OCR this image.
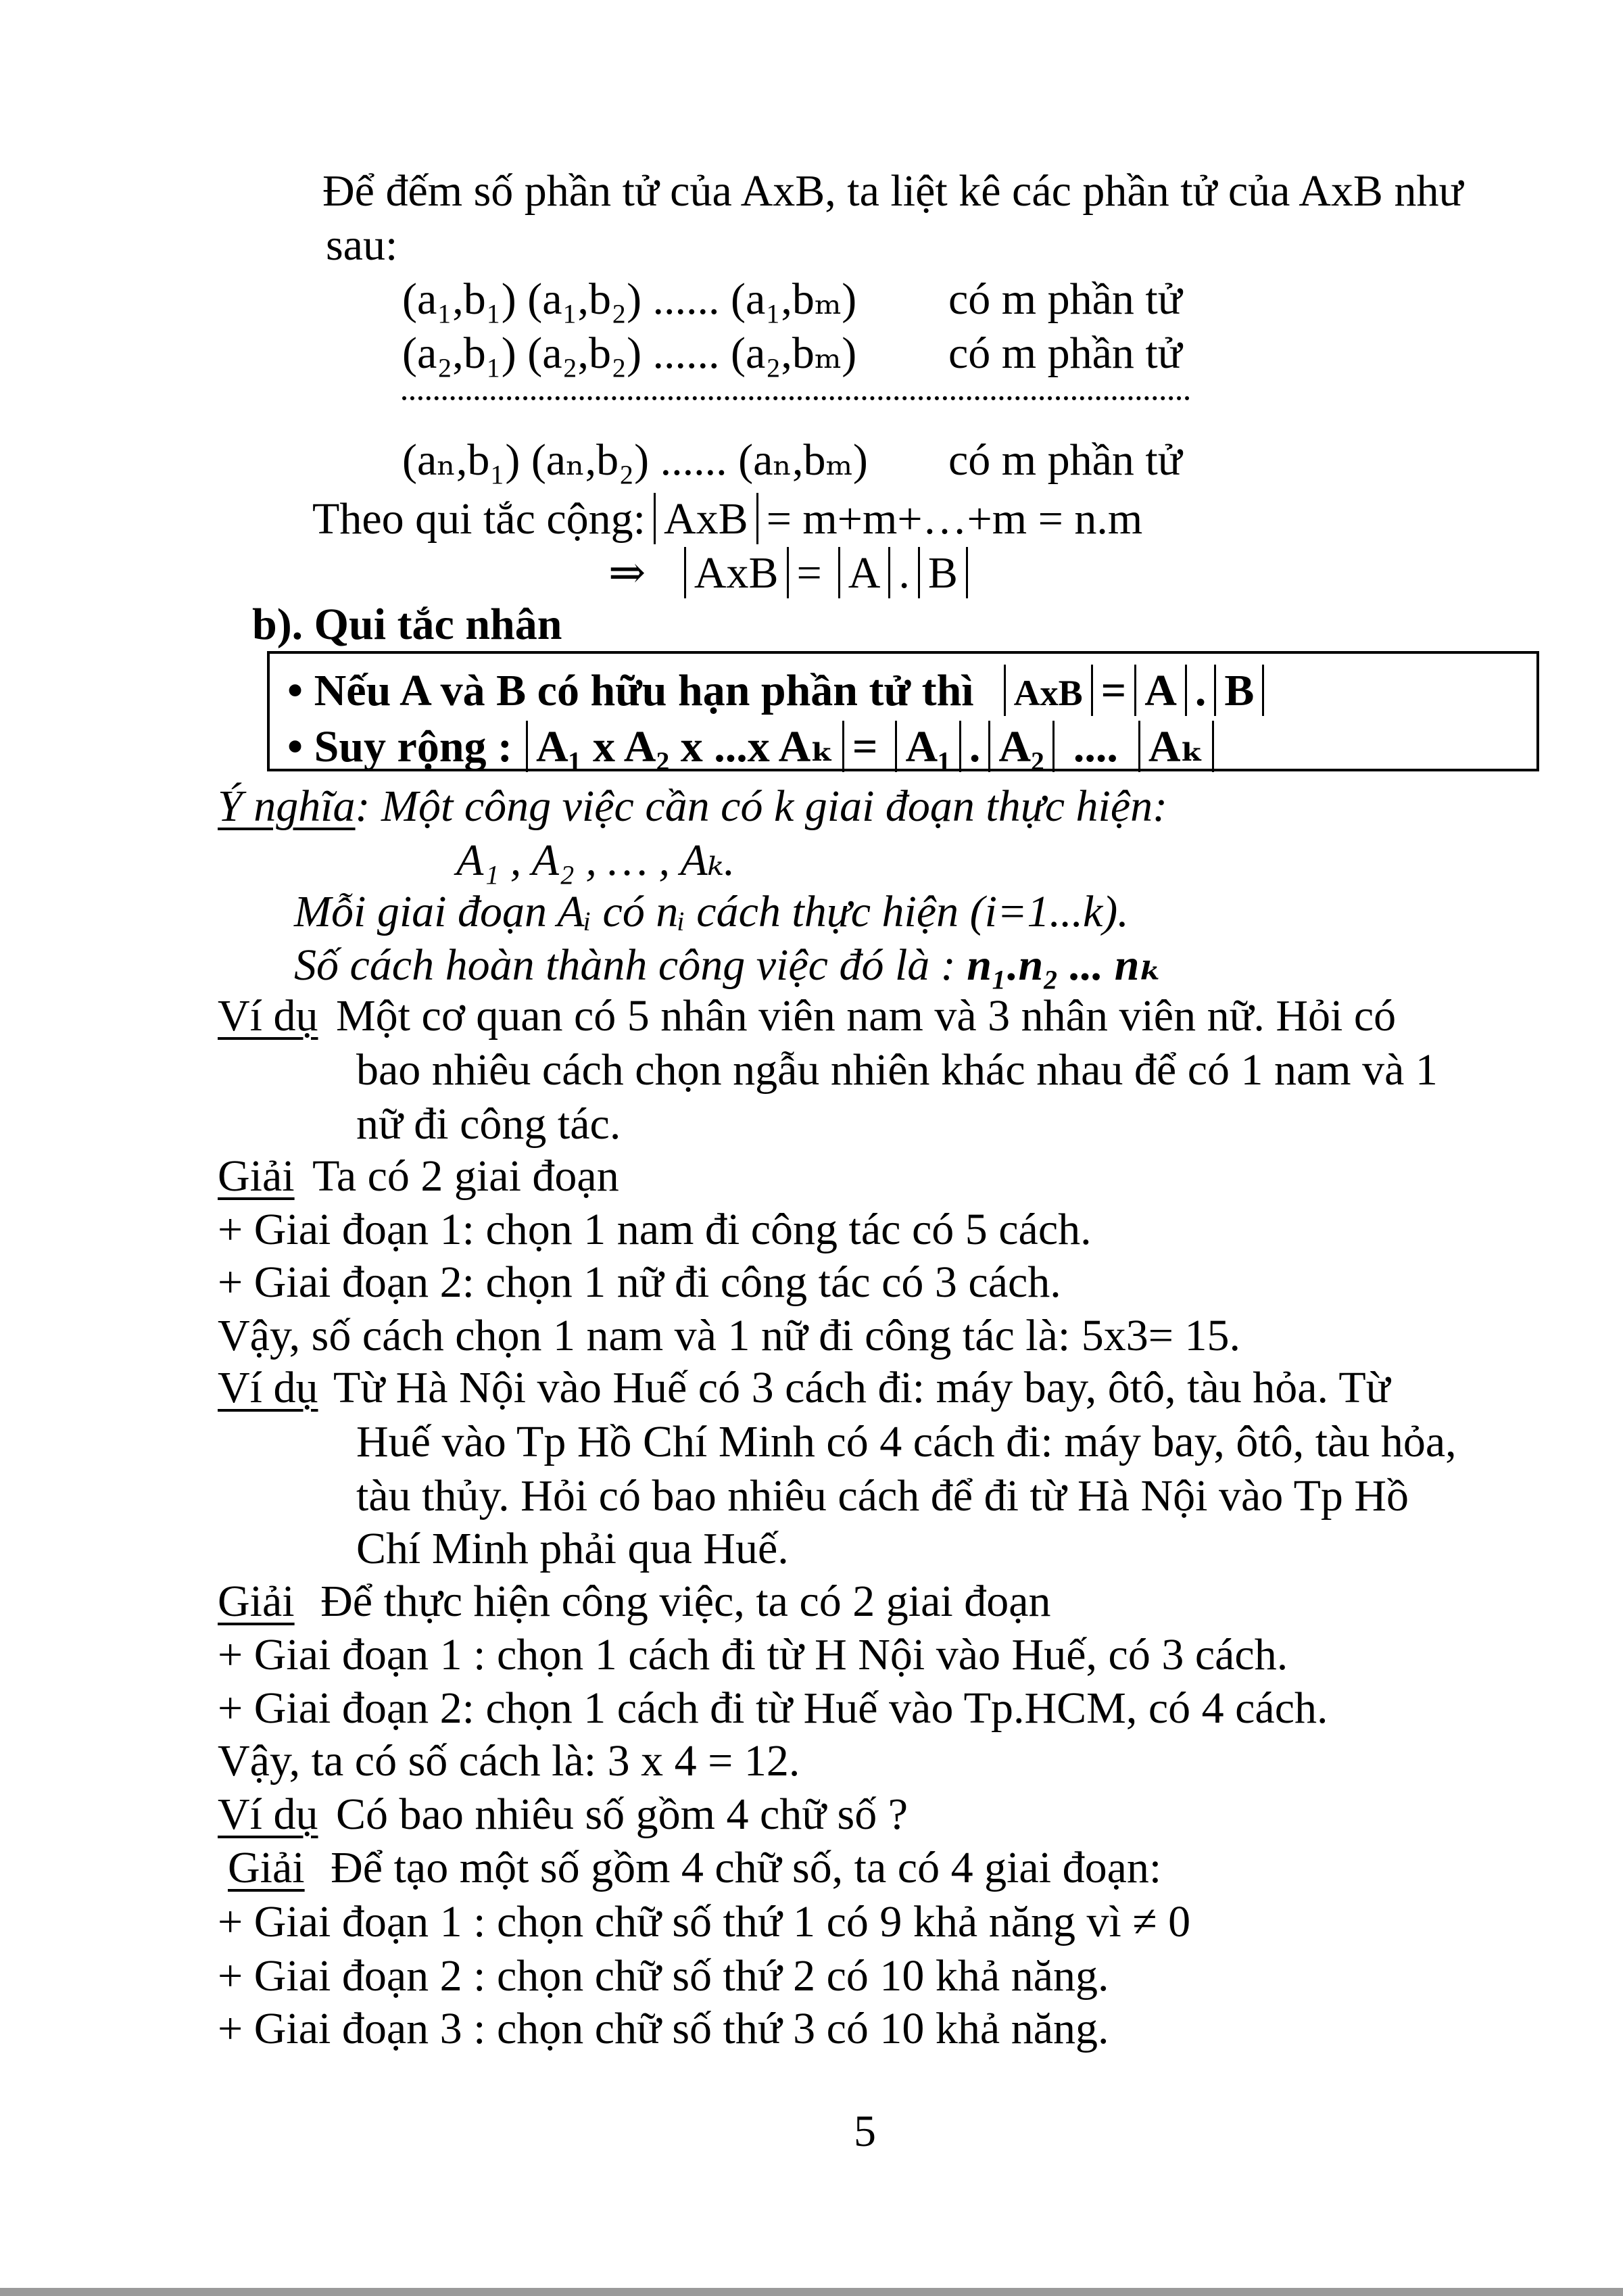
Để đếm số phần tử của AxB, ta liệt kê các phần tử của AxB như
sau:
(a₁,b₁) (a₁,b₂) ...... (a₁,bₘ) có m phần tử
(a₂,b₁) (a₂,b₂) ...... (a₂,bₘ) có m phần tử
(aₙ,b₁) (aₙ,b₂) ...... (aₙ,bₘ) có m phần tử
Theo qui tắc cộng: AxB = m+m+…+m = n.m
⇒ AxB = A . B
b). Qui tắc nhân
• Nếu A và B có hữu hạn phần tử thì AxB = A . B
• Suy rộng : A₁ x A₂ x ...x Aₖ = A₁ . A₂ .... Aₖ
Ý nghĩa: Một công việc cần có k giai đoạn thực hiện:
A₁ , A₂ , … , Aₖ.
Mỗi giai đoạn Aᵢ có nᵢ cách thực hiện (i=1...k).
Số cách hoàn thành công việc đó là : n₁.n₂ ... nₖ
Ví dụ Một cơ quan có 5 nhân viên nam và 3 nhân viên nữ. Hỏi có
bao nhiêu cách chọn ngẫu nhiên khác nhau để có 1 nam và 1
nữ đi công tác.
Giải Ta có 2 giai đoạn
+ Giai đoạn 1: chọn 1 nam đi công tác có 5 cách.
+ Giai đoạn 2: chọn 1 nữ đi công tác có 3 cách.
Vậy, số cách chọn 1 nam và 1 nữ đi công tác là: 5x3= 15.
Ví dụ Từ Hà Nội vào Huế có 3 cách đi: máy bay, ôtô, tàu hỏa. Từ
Huế vào Tp Hồ Chí Minh có 4 cách đi: máy bay, ôtô, tàu hỏa,
tàu thủy. Hỏi có bao nhiêu cách để đi từ Hà Nội vào Tp Hồ
Chí Minh phải qua Huế.
Giải Để thực hiện công việc, ta có 2 giai đoạn
+ Giai đoạn 1 : chọn 1 cách đi từ H Nội vào Huế, có 3 cách.
+ Giai đoạn 2: chọn 1 cách đi từ Huế vào Tp.HCM, có 4 cách.
Vậy, ta có số cách là: 3 x 4 = 12.
Ví dụ Có bao nhiêu số gồm 4 chữ số ?
Giải Để tạo một số gồm 4 chữ số, ta có 4 giai đoạn:
+ Giai đoạn 1 : chọn chữ số thứ 1 có 9 khả năng vì ≠ 0
+ Giai đoạn 2 : chọn chữ số thứ 2 có 10 khả năng.
+ Giai đoạn 3 : chọn chữ số thứ 3 có 10 khả năng.
5
